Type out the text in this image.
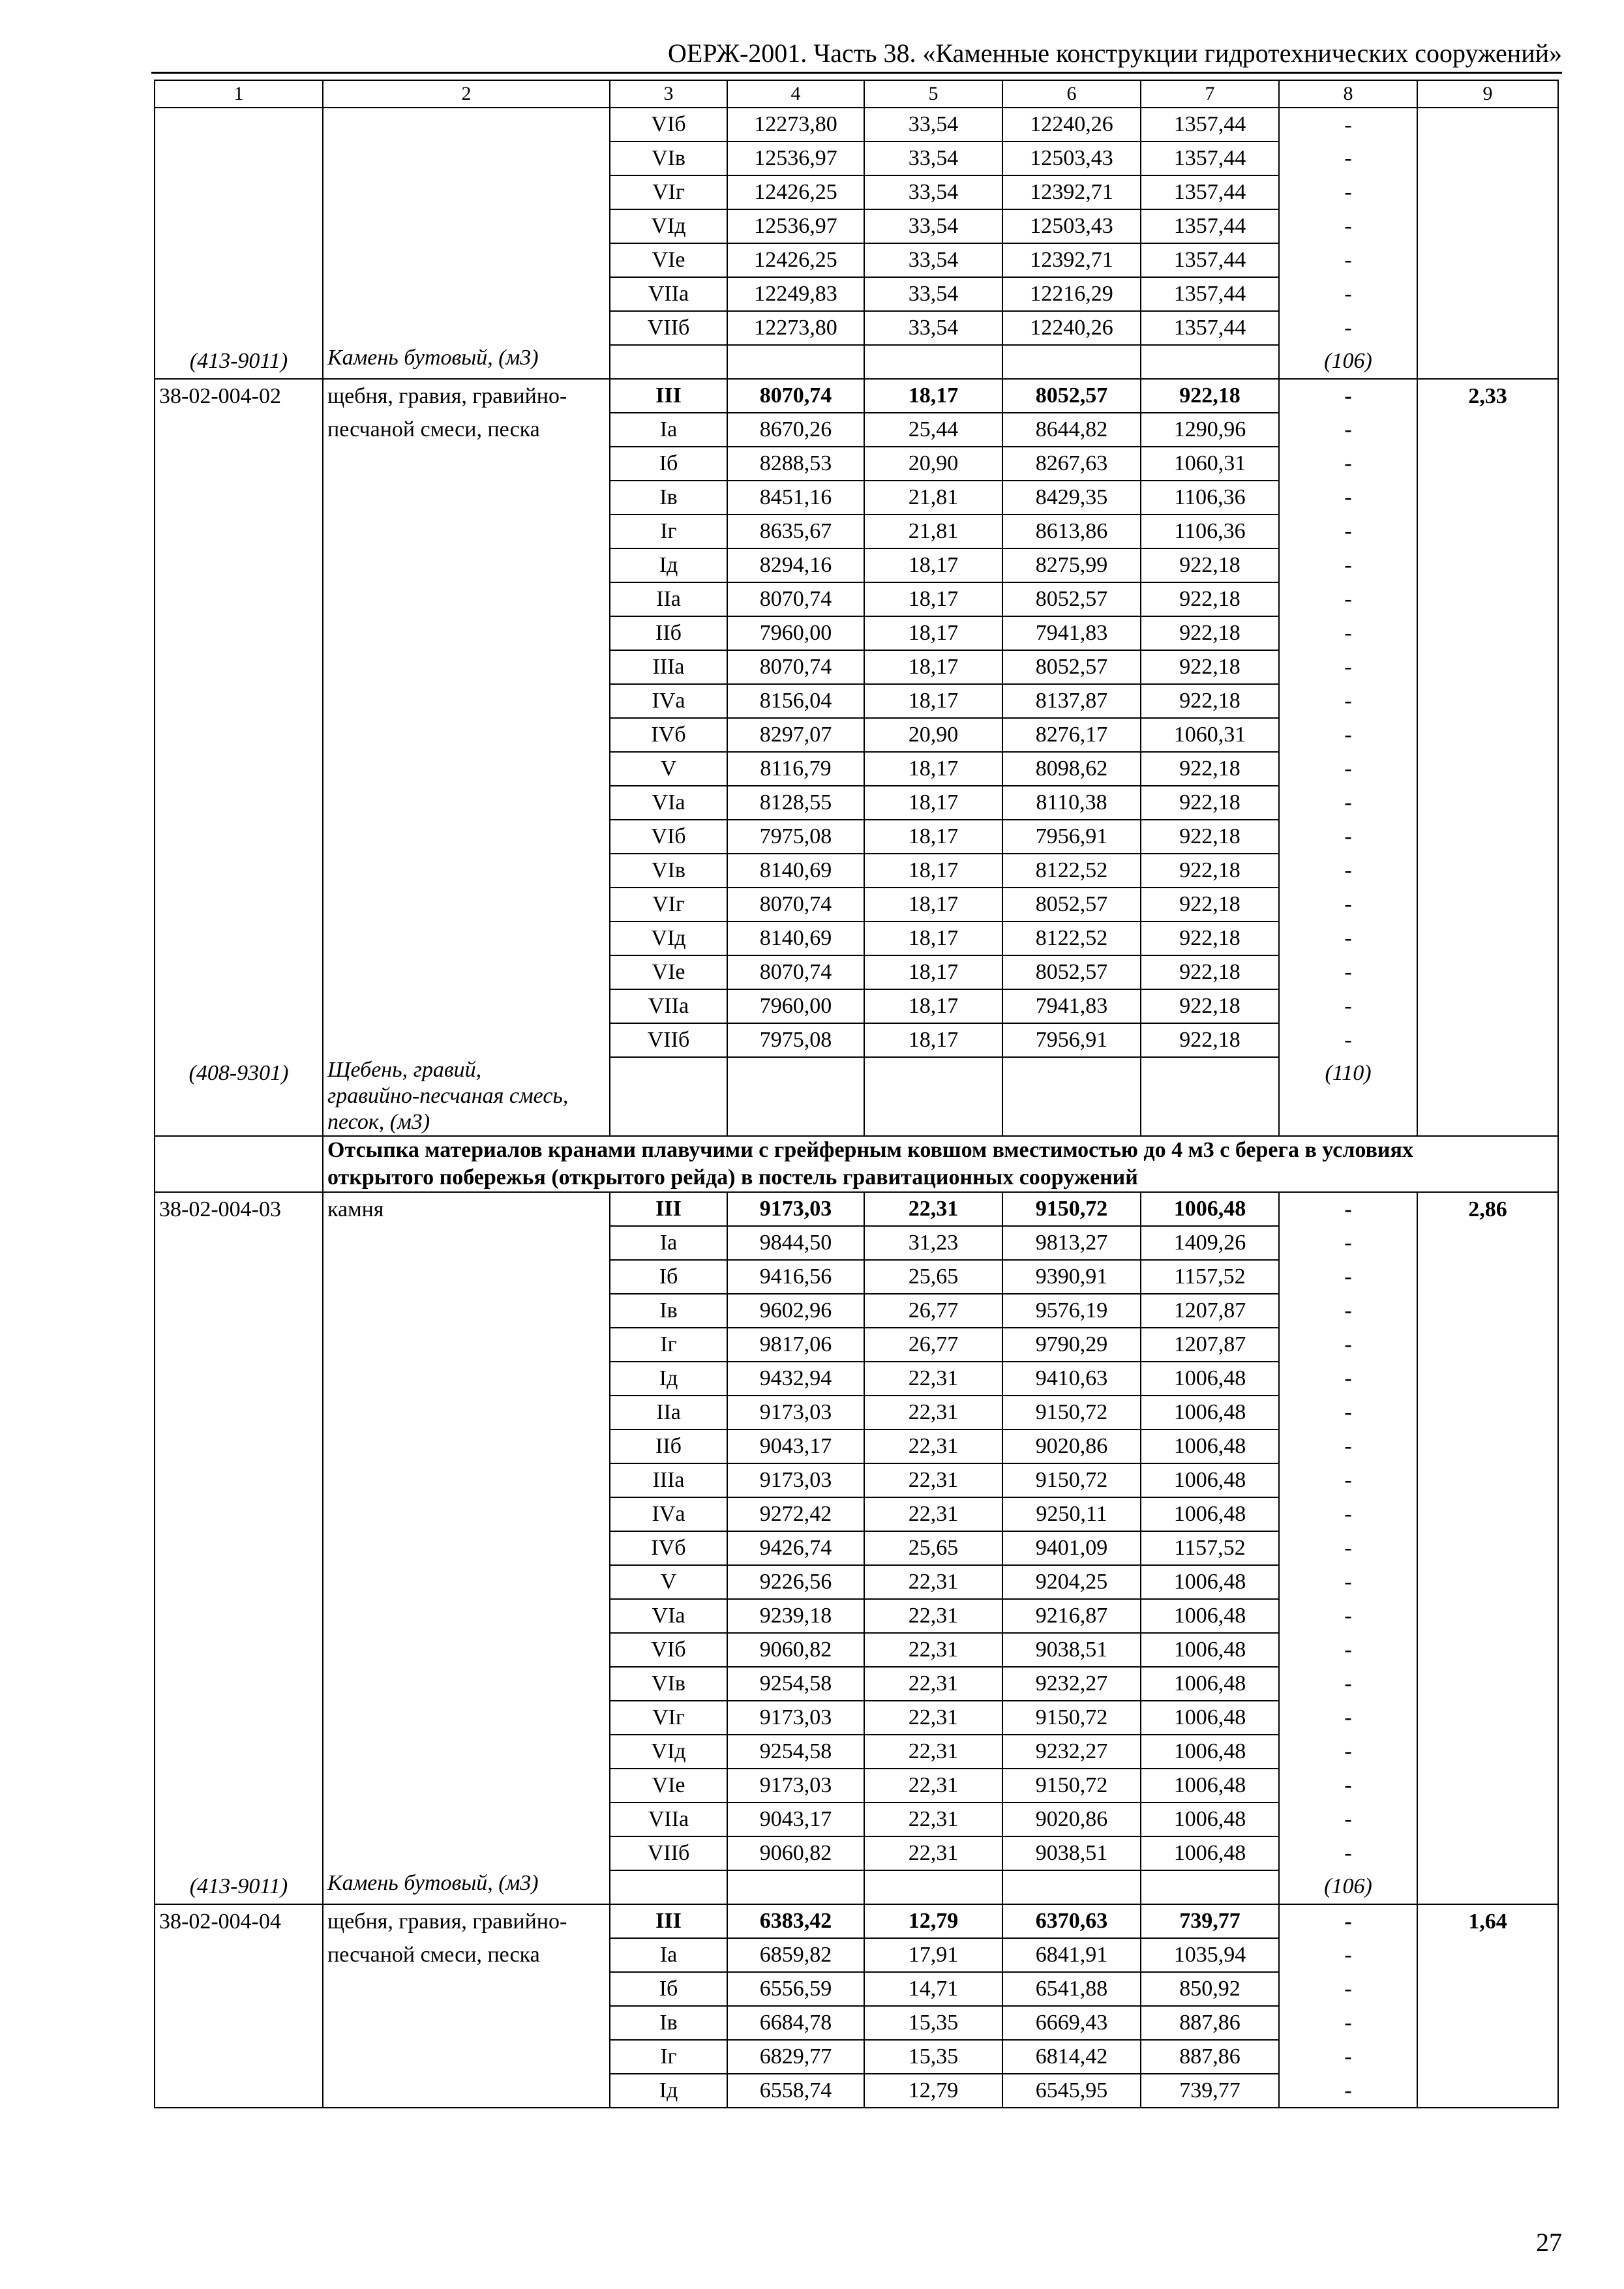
ОЕРЖ-2001. Часть 38. «Каменные конструкции гидротехнических сооружений»
1	2	3	4	5	6	7	8	9
		VIб	12273,80	33,54	12240,26	1357,44	-	
		VIв	12536,97	33,54	12503,43	1357,44	-	
		VIг	12426,25	33,54	12392,71	1357,44	-	
		VIд	12536,97	33,54	12503,43	1357,44	-	
		VIе	12426,25	33,54	12392,71	1357,44	-	
		VIIа	12249,83	33,54	12216,29	1357,44	-	
		VIIб	12273,80	33,54	12240,26	1357,44	-	
(413-9011)	Камень бутовый, (м3)						(106)	
38-02-004-02	щебня, гравия, гравийно-	III	8070,74	18,17	8052,57	922,18	-	2,33
	песчаной смеси, песка	Iа	8670,26	25,44	8644,82	1290,96	-	
		Iб	8288,53	20,90	8267,63	1060,31	-	
		Iв	8451,16	21,81	8429,35	1106,36	-	
		Iг	8635,67	21,81	8613,86	1106,36	-	
		Iд	8294,16	18,17	8275,99	922,18	-	
		IIа	8070,74	18,17	8052,57	922,18	-	
		IIб	7960,00	18,17	7941,83	922,18	-	
		IIIа	8070,74	18,17	8052,57	922,18	-	
		IVа	8156,04	18,17	8137,87	922,18	-	
		IVб	8297,07	20,90	8276,17	1060,31	-	
		V	8116,79	18,17	8098,62	922,18	-	
		VIа	8128,55	18,17	8110,38	922,18	-	
		VIб	7975,08	18,17	7956,91	922,18	-	
		VIв	8140,69	18,17	8122,52	922,18	-	
		VIг	8070,74	18,17	8052,57	922,18	-	
		VIд	8140,69	18,17	8122,52	922,18	-	
		VIе	8070,74	18,17	8052,57	922,18	-	
		VIIа	7960,00	18,17	7941,83	922,18	-	
		VIIб	7975,08	18,17	7956,91	922,18	-	
(408-9301)	Щебень, гравий,
гравийно-песчаная смесь,
песок, (м3)						(110)	

	Отсыпка материалов кранами плавучими с грейферным ковшом вместимостью до 4 м3 с берега в условиях
открытого побережья (открытого рейда) в постель гравитационных сооружений							

38-02-004-03	камня	III	9173,03	22,31	9150,72	1006,48	-	2,86
		Iа	9844,50	31,23	9813,27	1409,26	-	
		Iб	9416,56	25,65	9390,91	1157,52	-	
		Iв	9602,96	26,77	9576,19	1207,87	-	
		Iг	9817,06	26,77	9790,29	1207,87	-	
		Iд	9432,94	22,31	9410,63	1006,48	-	
		IIа	9173,03	22,31	9150,72	1006,48	-	
		IIб	9043,17	22,31	9020,86	1006,48	-	
		IIIа	9173,03	22,31	9150,72	1006,48	-	
		IVа	9272,42	22,31	9250,11	1006,48	-	
		IVб	9426,74	25,65	9401,09	1157,52	-	
		V	9226,56	22,31	9204,25	1006,48	-	
		VIа	9239,18	22,31	9216,87	1006,48	-	
		VIб	9060,82	22,31	9038,51	1006,48	-	
		VIв	9254,58	22,31	9232,27	1006,48	-	
		VIг	9173,03	22,31	9150,72	1006,48	-	
		VIд	9254,58	22,31	9232,27	1006,48	-	
		VIе	9173,03	22,31	9150,72	1006,48	-	
		VIIа	9043,17	22,31	9020,86	1006,48	-	
		VIIб	9060,82	22,31	9038,51	1006,48	-	
(413-9011)	Камень бутовый, (м3)						(106)	
38-02-004-04	щебня, гравия, гравийно-	III	6383,42	12,79	6370,63	739,77	-	1,64
	песчаной смеси, песка	Iа	6859,82	17,91	6841,91	1035,94	-	
		Iб	6556,59	14,71	6541,88	850,92	-	
		Iв	6684,78	15,35	6669,43	887,86	-	
		Iг	6829,77	15,35	6814,42	887,86	-	
		Iд	6558,74	12,79	6545,95	739,77	-	
27
